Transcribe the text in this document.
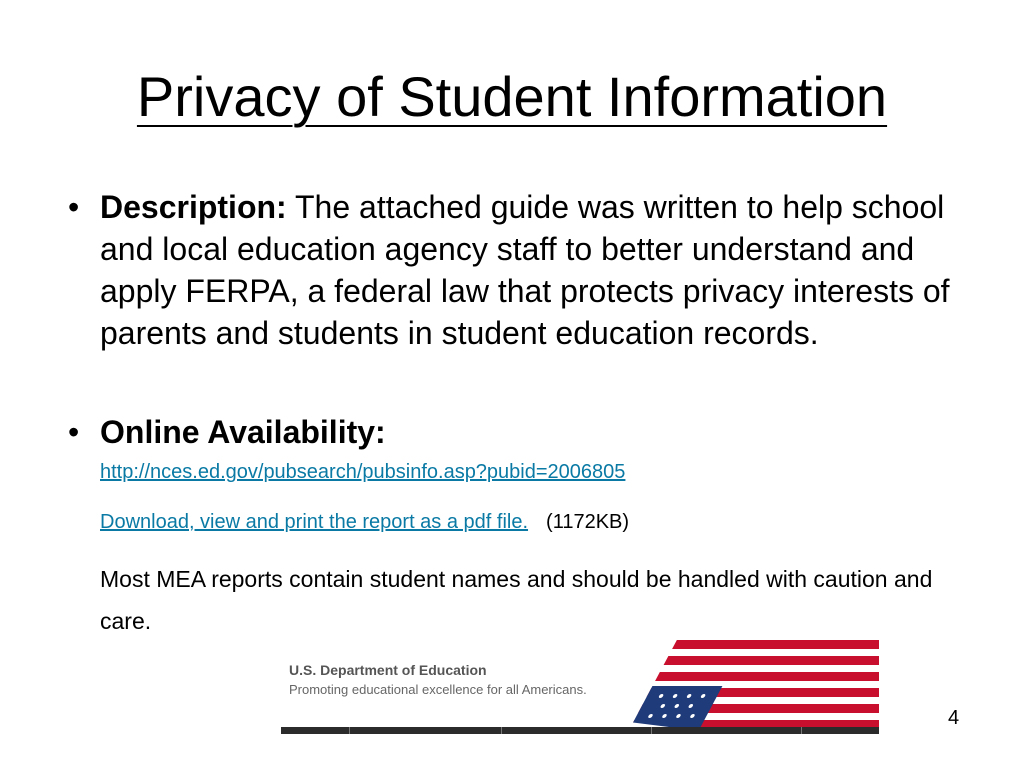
Privacy of Student Information
• Description: The attached guide was written to help school and local education agency staff to better understand and apply FERPA, a federal law that protects privacy interests of parents and students in student education records.
• Online Availability:
http://nces.ed.gov/pubsearch/pubsinfo.asp?pubid=2006805
Download, view and print the report as a pdf file. (1172KB)
Most MEA reports contain student names and should be handled with caution and care.
U.S. Department of Education
Promoting educational excellence for all Americans.
4
